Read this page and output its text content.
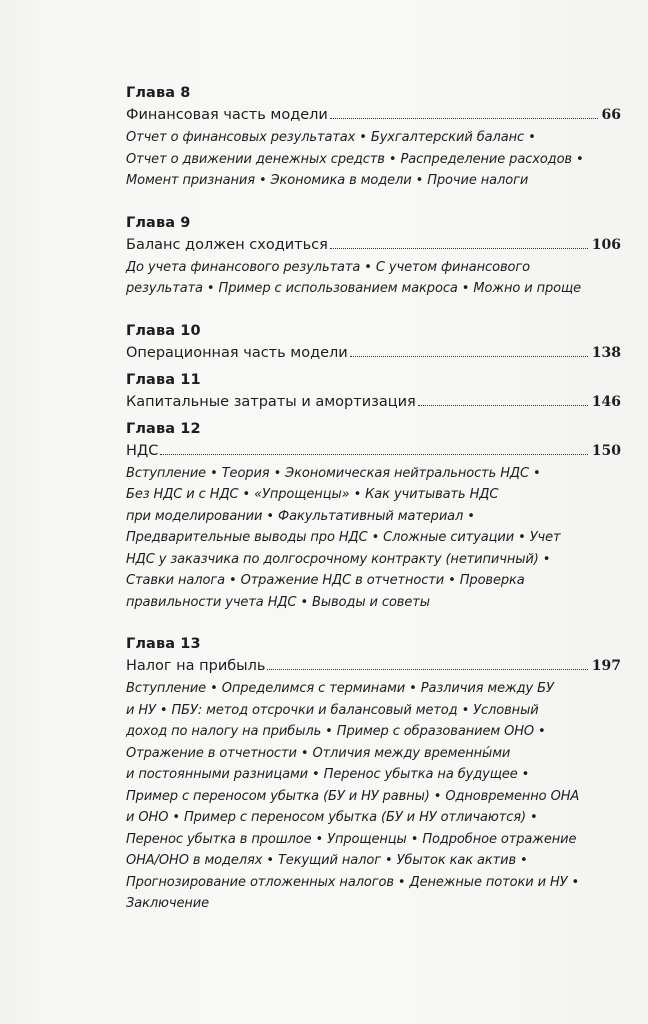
Глава 8
Финансовая часть модели	66
Отчет о финансовых результатах • Бухгалтерский баланс •
Отчет о движении денежных средств • Распределение расходов •
Момент признания • Экономика в модели • Прочие налоги
Глава 9
Баланс должен сходиться	106
До учета финансового результата • С учетом финансового
результата • Пример с использованием макроса • Можно и проще
Глава 10
Операционная часть модели	138
Глава 11
Капитальные затраты и амортизация	146
Глава 12
НДС	150
Вступление • Теория • Экономическая нейтральность НДС •
Без НДС и с НДС • «Упрощенцы» • Как учитывать НДС
при моделировании • Факультативный материал •
Предварительные выводы про НДС • Сложные ситуации • Учет
НДС у заказчика по долгосрочному контракту (нетипичный) •
Ставки налога • Отражение НДС в отчетности • Проверка
правильности учета НДС • Выводы и советы
Глава 13
Налог на прибыль	197
Вступление • Определимся с терминами • Различия между БУ
и НУ • ПБУ: метод отсрочки и балансовый метод • Условный
доход по налогу на прибыль • Пример с образованием ОНО •
Отражение в отчетности • Отличия между временны́ми
и постоянными разницами • Перенос убытка на будущее •
Пример с переносом убытка (БУ и НУ равны) • Одновременно ОНА
и ОНО • Пример с переносом убытка (БУ и НУ отличаются) •
Перенос убытка в прошлое • Упрощенцы • Подробное отражение
ОНА/ОНО в моделях • Текущий налог • Убыток как актив •
Прогнозирование отложенных налогов • Денежные потоки и НУ •
Заключение
